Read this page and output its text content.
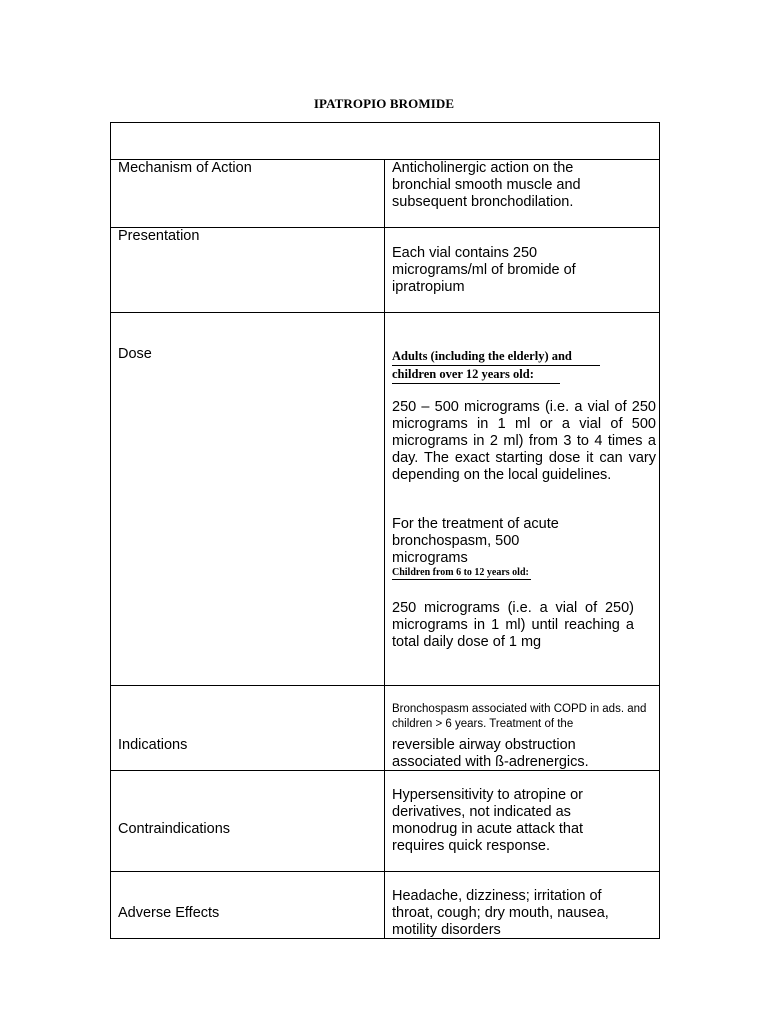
IPATROPIO BROMIDE
Mechanism of Action	Anticholinergic action on the bronchial smooth muscle and subsequent bronchodilation.
Presentation
Each vial contains 250 micrograms/ml of bromide of ipratropium
Dose	Adults (including the elderly) and
children over 12 years old:
250 – 500 micrograms (i.e. a vial of 250 micrograms in 1 ml or a vial of 500 micrograms in 2 ml) from 3 to 4 times a day. The exact starting dose it can vary depending on the local guidelines.
For the treatment of acute bronchospasm, 500 micrograms
Children from 6 to 12 years old:
250 micrograms (i.e. a vial of 250) micrograms in 1 ml) until reaching a total daily dose of 1 mg
Indications
Bronchospasm associated with COPD in ads. and children > 6 years. Treatment of the
reversible airway obstruction associated with ß-adrenergics.
Contraindications
Hypersensitivity to atropine or derivatives, not indicated as monodrug in acute attack that requires quick response.
Adverse Effects
Headache, dizziness; irritation of throat, cough; dry mouth, nausea, motility disorders
